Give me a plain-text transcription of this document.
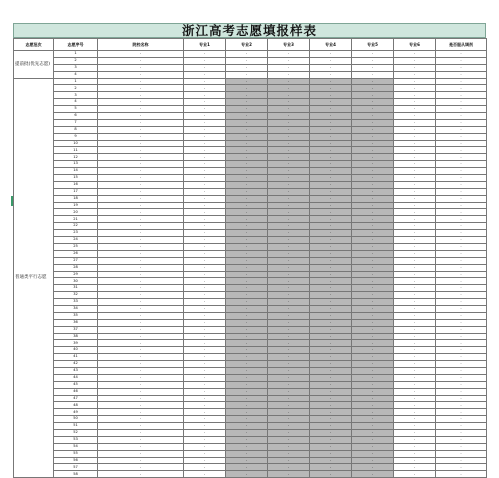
浙江高考志愿填报样表
志愿批次	志愿序号	院校名称	专业1	专业2	专业3	专业4	专业5	专业6	是否服从调剂
提前批(优先志愿)	1	-	-	-	-	-	-	-	-
	2	-	-	-	-	-	-	-	-
	3	-	-	-	-	-	-	-	-
	4	-	-	-	-	-	-	-	-
普通类平行志愿	1	-	-	-	-	-	-	-	-
	2	-	-	-	-	-	-	-	-
	3	-	-	-	-	-	-	-	-
	4	-	-	-	-	-	-	-	-
	5	-	-	-	-	-	-	-	-
	6	-	-	-	-	-	-	-	-
	7	-	-	-	-	-	-	-	-
	8	-	-	-	-	-	-	-	-
	9	-	-	-	-	-	-	-	-
	10	-	-	-	-	-	-	-	-
	11	-	-	-	-	-	-	-	-
	12	-	-	-	-	-	-	-	-
	13	-	-	-	-	-	-	-	-
	14	-	-	-	-	-	-	-	-
	15	-	-	-	-	-	-	-	-
	16	-	-	-	-	-	-	-	-
	17	-	-	-	-	-	-	-	-
	18	-	-	-	-	-	-	-	-
	19	-	-	-	-	-	-	-	-
	20	-	-	-	-	-	-	-	-
	21	-	-	-	-	-	-	-	-
	22	-	-	-	-	-	-	-	-
	23	-	-	-	-	-	-	-	-
	24	-	-	-	-	-	-	-	-
	25	-	-	-	-	-	-	-	-
	26	-	-	-	-	-	-	-	-
	27	-	-	-	-	-	-	-	-
	28	-	-	-	-	-	-	-	-
	29	-	-	-	-	-	-	-	-
	30	-	-	-	-	-	-	-	-
	31	-	-	-	-	-	-	-	-
	32	-	-	-	-	-	-	-	-
	33	-	-	-	-	-	-	-	-
	34	-	-	-	-	-	-	-	-
	35	-	-	-	-	-	-	-	-
	36	-	-	-	-	-	-	-	-
	37	-	-	-	-	-	-	-	-
	38	-	-	-	-	-	-	-	-
	39	-	-	-	-	-	-	-	-
	40	-	-	-	-	-	-	-	-
	41	-	-	-	-	-	-	-	-
	42	-	-	-	-	-	-	-	-
	43	-	-	-	-	-	-	-	-
	44	-	-	-	-	-	-	-	-
	45	-	-	-	-	-	-	-	-
	46	-	-	-	-	-	-	-	-
	47	-	-	-	-	-	-	-	-
	48	-	-	-	-	-	-	-	-
	49	-	-	-	-	-	-	-	-
	50	-	-	-	-	-	-	-	-
	51	-	-	-	-	-	-	-	-
	52	-	-	-	-	-	-	-	-
	53	-	-	-	-	-	-	-	-
	54	-	-	-	-	-	-	-	-
	55	-	-	-	-	-	-	-	-
	56	-	-	-	-	-	-	-	-
	57	-	-	-	-	-	-	-	-
	58	-	-	-	-	-	-	-	-
